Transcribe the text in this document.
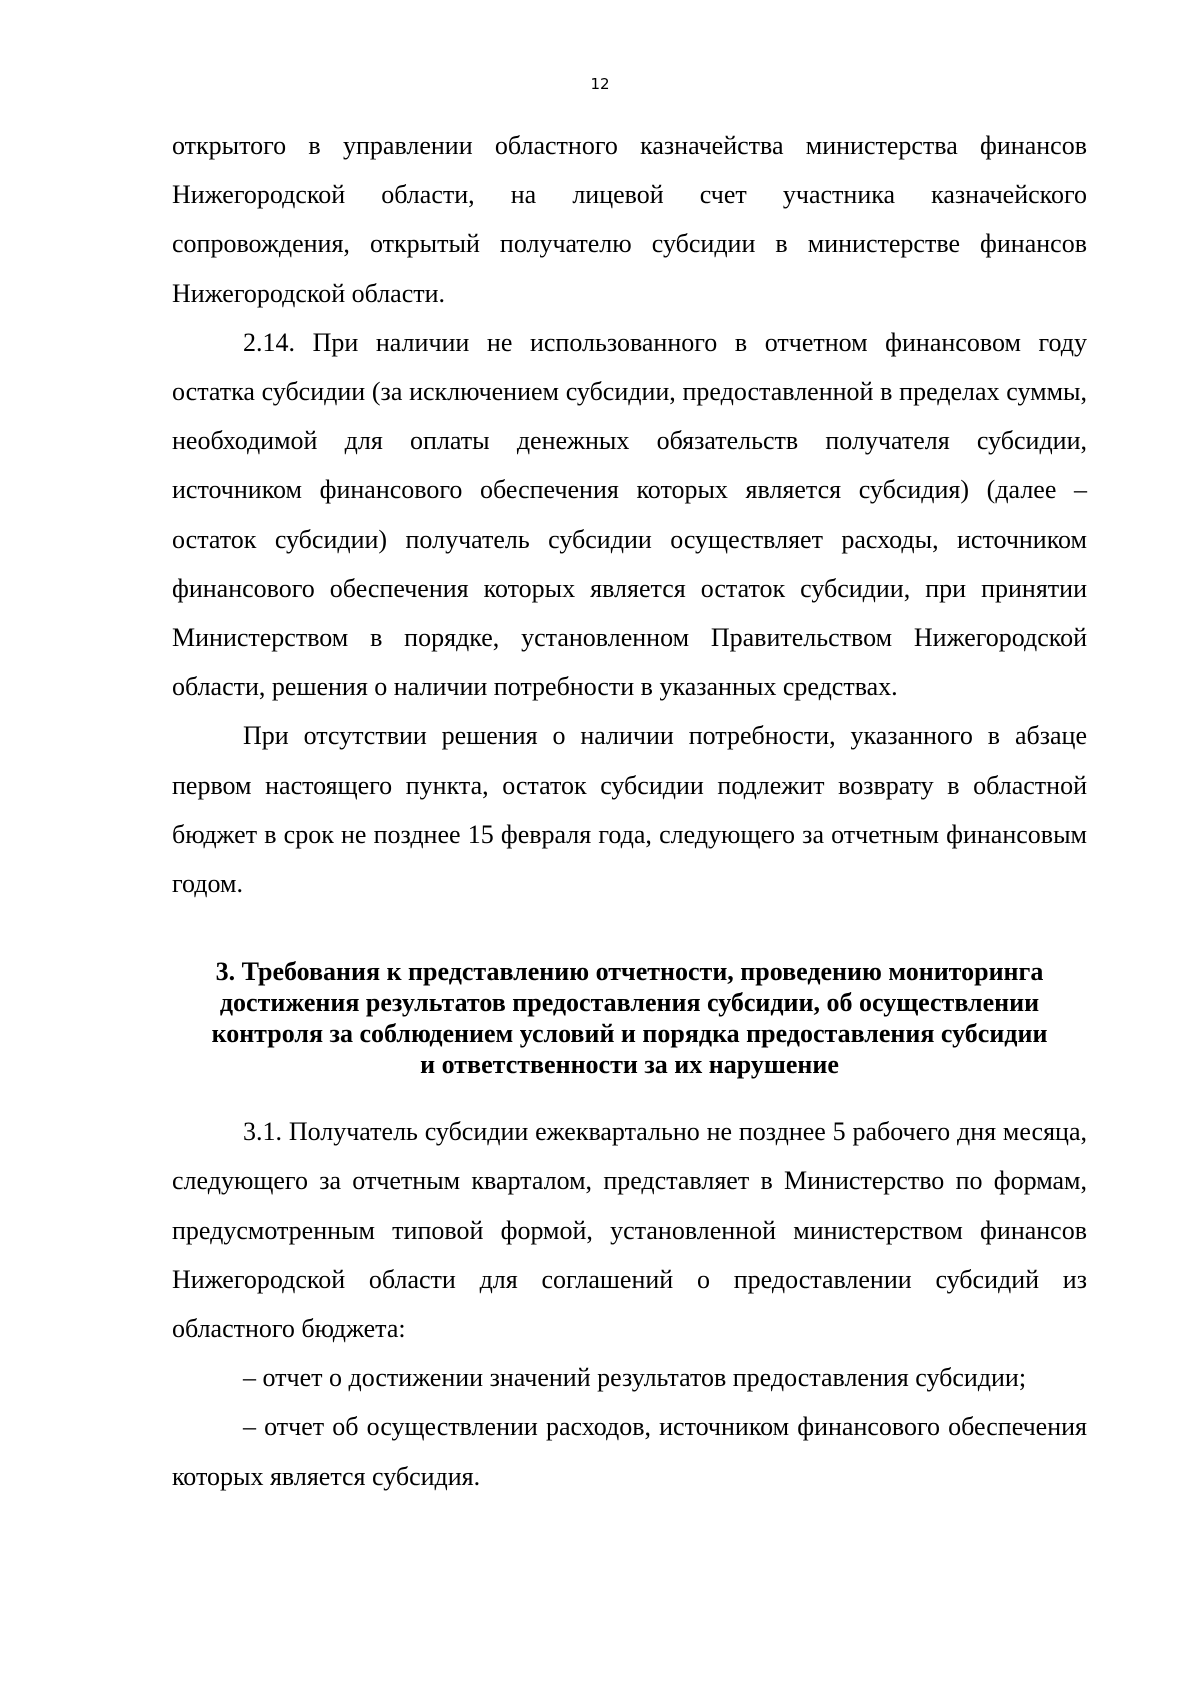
12

открытого в управлении областного казначейства министерства финансов Нижегородской области, на лицевой счет участника казначейского сопровождения, открытый получателю субсидии в министерстве финансов Нижегородской области.

2.14. При наличии не использованного в отчетном финансовом году остатка субсидии (за исключением субсидии, предоставленной в пределах суммы, необходимой для оплаты денежных обязательств получателя субсидии, источником финансового обеспечения которых является субсидия) (далее – остаток субсидии) получатель субсидии осуществляет расходы, источником финансового обеспечения которых является остаток субсидии, при принятии Министерством в порядке, установленном Правительством Нижегородской области, решения о наличии потребности в указанных средствах.

При отсутствии решения о наличии потребности, указанного в абзаце первом настоящего пункта, остаток субсидии подлежит возврату в областной бюджет в срок не позднее 15 февраля года, следующего за отчетным финансовым годом.

3. Требования к представлению отчетности, проведению мониторинга
достижения результатов предоставления субсидии, об осуществлении
контроля за соблюдением условий и порядка предоставления субсидии
и ответственности за их нарушение

3.1. Получатель субсидии ежеквартально не позднее 5 рабочего дня месяца, следующего за отчетным кварталом, представляет в Министерство по формам, предусмотренным типовой формой, установленной министерством финансов Нижегородской области для соглашений о предоставлении субсидий из областного бюджета:

– отчет о достижении значений результатов предоставления субсидии;

– отчет об осуществлении расходов, источником финансового обеспечения которых является субсидия.
